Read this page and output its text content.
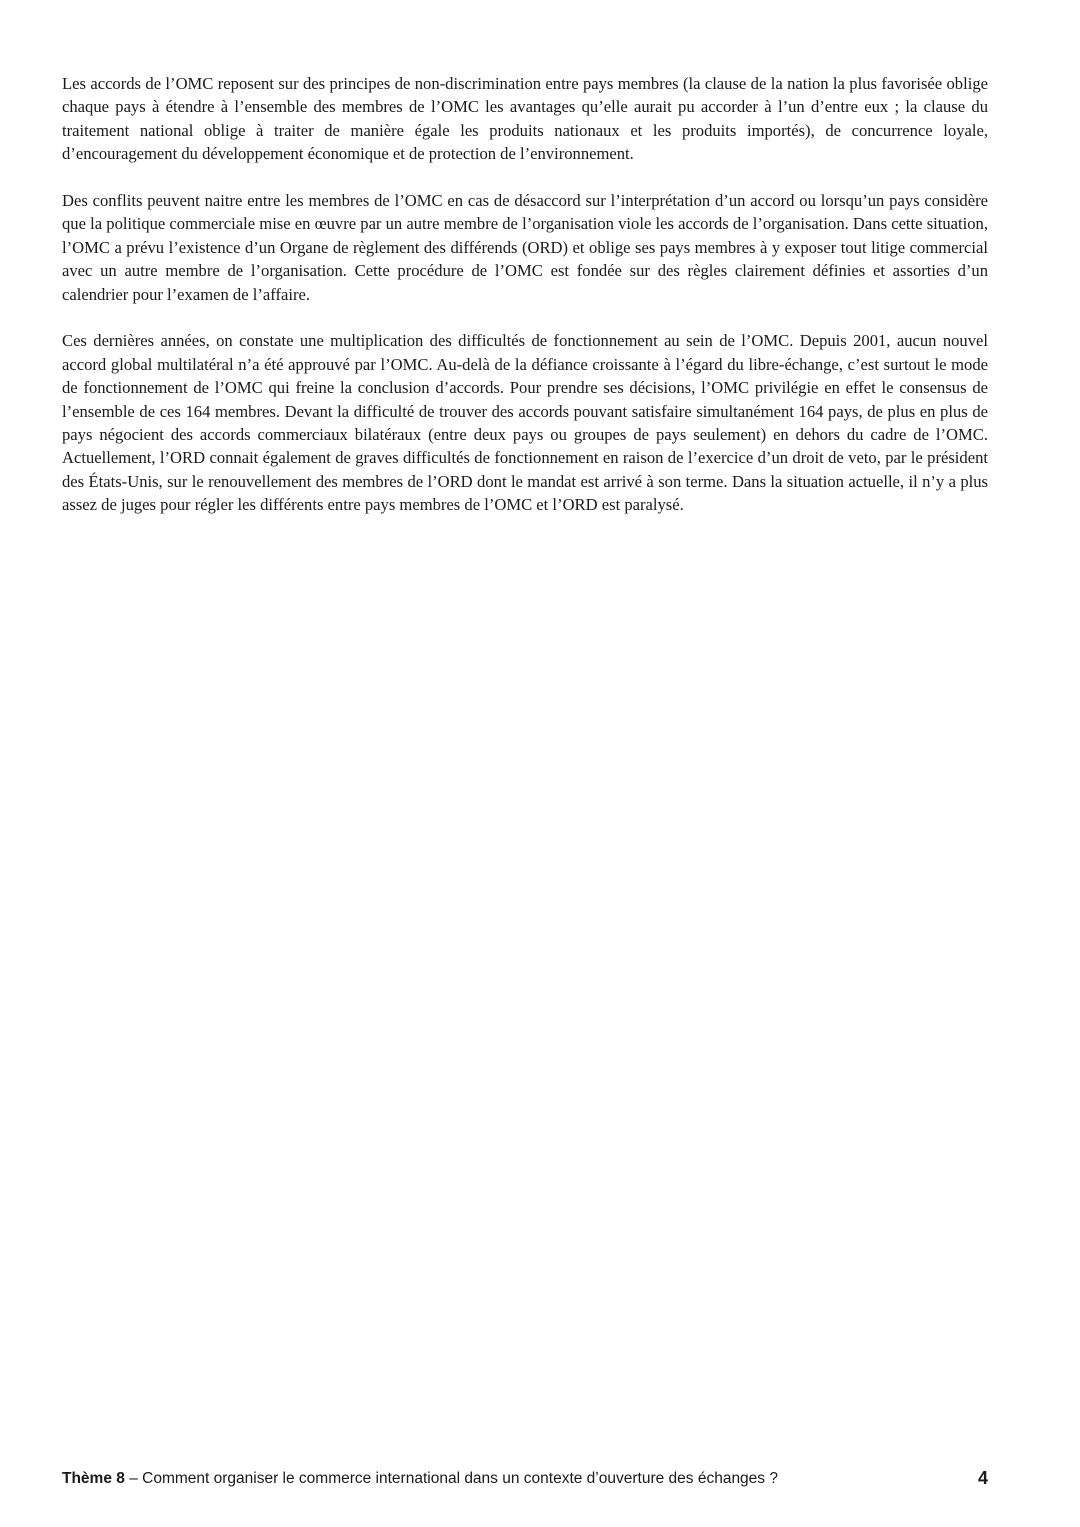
Les accords de l’OMC reposent sur des principes de non-discrimination entre pays membres (la clause de la nation la plus favorisée oblige chaque pays à étendre à l’ensemble des membres de l’OMC les avantages qu’elle aurait pu accorder à l’un d’entre eux ; la clause du traitement national oblige à traiter de manière égale les produits nationaux et les produits importés), de concurrence loyale, d’encouragement du développement économique et de protection de l’environnement.

Des conflits peuvent naitre entre les membres de l’OMC en cas de désaccord sur l’interprétation d’un accord ou lorsqu’un pays considère que la politique commerciale mise en œuvre par un autre membre de l’organisation viole les accords de l’organisation. Dans cette situation, l’OMC a prévu l’existence d’un Organe de règlement des différends (ORD) et oblige ses pays membres à y exposer tout litige commercial avec un autre membre de l’organisation. Cette procédure de l’OMC est fondée sur des règles clairement définies et assorties d’un calendrier pour l’examen de l’affaire.

Ces dernières années, on constate une multiplication des difficultés de fonctionnement au sein de l’OMC. Depuis 2001, aucun nouvel accord global multilatéral n’a été approuvé par l’OMC. Au-delà de la défiance croissante à l’égard du libre-échange, c’est surtout le mode de fonctionnement de l’OMC qui freine la conclusion d’accords. Pour prendre ses décisions, l’OMC privilégie en effet le consensus de l’ensemble de ces 164 membres. Devant la difficulté de trouver des accords pouvant satisfaire simultanément 164 pays, de plus en plus de pays négocient des accords commerciaux bilatéraux (entre deux pays ou groupes de pays seulement) en dehors du cadre de l’OMC. Actuellement, l’ORD connait également de graves difficultés de fonctionnement en raison de l’exercice d’un droit de veto, par le président des États-Unis, sur le renouvellement des membres de l’ORD dont le mandat est arrivé à son terme. Dans la situation actuelle, il n’y a plus assez de juges pour régler les différents entre pays membres de l’OMC et l’ORD est paralysé.

Thème 8 – Comment organiser le commerce international dans un contexte d’ouverture des échanges ?	4
